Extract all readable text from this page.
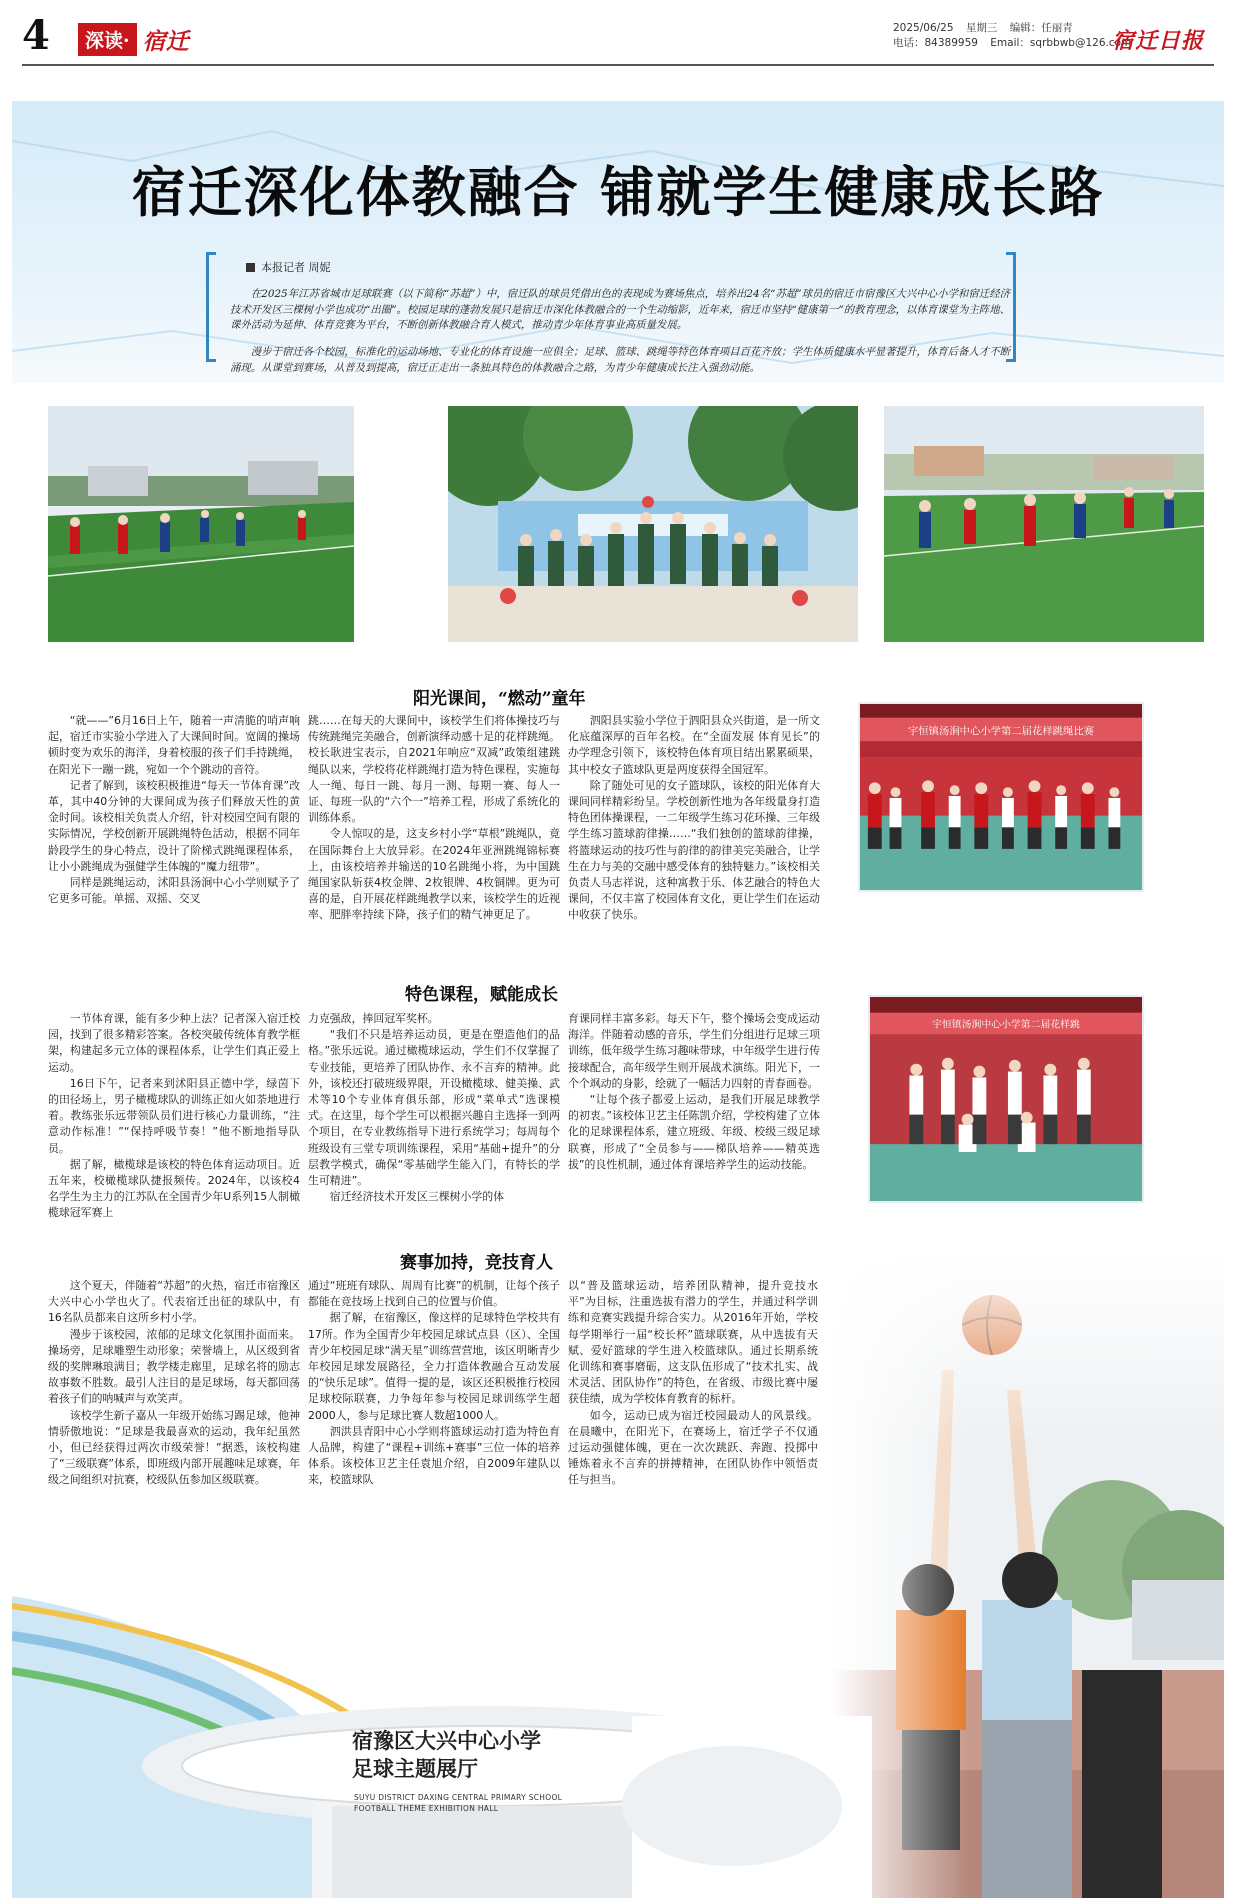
4	深读· 宿迁	2025/06/25 星期三 编辑：任丽青
电话：84389959 Email：sqrbbwb@126.com
宿迁日报
宿迁深化体教融合 铺就学生健康成长路
本报记者 周妮

在2025年江苏省城市足球联赛（以下简称“苏超”）中，宿迁队的球员凭借出色的表现成为赛场焦点，培养出24名“苏超”球员的宿迁市宿豫区大兴中心小学和宿迁经济技术开发区三棵树小学也成功“出圈”。校园足球的蓬勃发展只是宿迁市深化体教融合的一个生动缩影，近年来，宿迁市坚持“健康第一”的教育理念，以体育课堂为主阵地、课外活动为延伸、体育竞赛为平台，不断创新体教融合育人模式，推动青少年体育事业高质量发展。

漫步于宿迁各个校园，标准化的运动场地、专业化的体育设施一应俱全；足球、篮球、跳绳等特色体育项目百花齐放；学生体质健康水平显著提升，体育后备人才不断涌现。从课堂到赛场，从普及到提高，宿迁正走出一条独具特色的体教融合之路，为青少年健康成长注入强劲动能。

阳光课间，“燃动”童年

“就——”6月16日上午，随着一声清脆的哨声响起，宿迁市实验小学进入了大课间时间。宽阔的操场顿时变为欢乐的海洋，身着校服的孩子们手持跳绳，在阳光下一蹦一跳，宛如一个个跳动的音符。

记者了解到，该校积极推进“每天一节体育课”改革，其中40分钟的大课间成为孩子们释放天性的黄金时间。该校相关负责人介绍，针对校园空间有限的实际情况，学校创新开展跳绳特色活动，根据不同年龄段学生的身心特点，设计了阶梯式跳绳课程体系，让小小跳绳成为强健学生体魄的“魔力纽带”。

同样是跳绳运动，沭阳县汤涧中心小学则赋予了它更多可能。单摇、双摇、交叉

跳……在每天的大课间中，该校学生们将体操技巧与传统跳绳完美融合，创新演绎动感十足的花样跳绳。校长耿进宝表示，自2021年响应“双减”政策组建跳绳队以来，学校将花样跳绳打造为特色课程，实施每人一绳、每日一跳、每月一测、每期一赛、每人一证、每班一队的“六个一”培养工程，形成了系统化的训练体系。

令人惊叹的是，这支乡村小学“草根”跳绳队，竟在国际舞台上大放异彩。在2024年亚洲跳绳锦标赛上，由该校培养并输送的10名跳绳小将，为中国跳绳国家队斩获4枚金牌、2枚银牌、4枚铜牌。更为可喜的是，自开展花样跳绳教学以来，该校学生的近视率、肥胖率持续下降，孩子们的精气神更足了。

泗阳县实验小学位于泗阳县众兴街道，是一所文化底蕴深厚的百年名校。在“全面发展 体育见长”的办学理念引领下，该校特色体育项目结出累累硕果，其中校女子篮球队更是两度获得全国冠军。

除了随处可见的女子篮球队，该校的阳光体育大课间同样精彩纷呈。学校创新性地为各年级量身打造特色团体操课程，一二年级学生练习花环操、三年级学生练习篮球韵律操……“我们独创的篮球韵律操，将篮球运动的技巧性与韵律的韵律美完美融合，让学生在力与美的交融中感受体育的独特魅力。”该校相关负责人马志祥说，这种寓教于乐、体艺融合的特色大课间，不仅丰富了校园体育文化，更让学生们在运动中收获了快乐。

宇恒镇汤涧中心小学第二届花样跳绳比赛
特色课程，赋能成长

一节体育课，能有多少种上法？记者深入宿迁校园，找到了很多精彩答案。各校突破传统体育教学框架，构建起多元立体的课程体系，让学生们真正爱上运动。

16日下午，记者来到沭阳县正德中学，绿茵下的田径场上，男子橄榄球队的训练正如火如荼地进行着。教练张乐远带领队员们进行核心力量训练，“注意动作标准！”“保持呼吸节奏！”他不断地指导队员。

据了解，橄榄球是该校的特色体育运动项目。近五年来，校橄榄球队捷报频传。2024年，以该校4名学生为主力的江苏队在全国青少年U系列15人制橄榄球冠军赛上

力克强敌，捧回冠军奖杯。

“我们不只是培养运动员，更是在塑造他们的品格。”张乐远说。通过橄榄球运动，学生们不仅掌握了专业技能，更培养了团队协作、永不言弃的精神。此外，该校还打破班级界限，开设橄榄球、健美操、武术等10个专业体育俱乐部，形成“菜单式”选课模式。在这里，每个学生可以根据兴趣自主选择一到两个项目，在专业教练指导下进行系统学习；每周每个班级设有三堂专项训练课程，采用“基础+提升”的分层教学模式，确保“零基础学生能入门，有特长的学生可精进”。

宿迁经济技术开发区三棵树小学的体

育课同样丰富多彩。每天下午，整个操场会变成运动海洋。伴随着动感的音乐，学生们分组进行足球三项训练，低年级学生练习趣味带球，中年级学生进行传接球配合，高年级学生则开展战术演练。阳光下，一个个飒动的身影，绘就了一幅活力四射的青春画卷。

“让每个孩子都爱上运动，是我们开展足球教学的初衷。”该校体卫艺主任陈凯介绍，学校构建了立体化的足球课程体系，建立班级、年级、校级三级足球联赛，形成了“全员参与——梯队培养——精英选拔”的良性机制，通过体育课培养学生的运动技能。

宇恒镇汤涧中心小学第二届花样跳
赛事加持，竞技育人

这个夏天，伴随着“苏超”的火热，宿迁市宿豫区大兴中心小学也火了。代表宿迁出征的球队中，有16名队员都来自这所乡村小学。

漫步于该校园，浓郁的足球文化氛围扑面而来。操场旁，足球雕塑生动形象；荣誉墙上，从区级到省级的奖牌琳琅满目；教学楼走廊里，足球名将的励志故事数不胜数。最引人注目的是足球场，每天都回荡着孩子们的呐喊声与欢笑声。

该校学生新子嘉从一年级开始练习踢足球，他神情骄傲地说：“足球是我最喜欢的运动，我年纪虽然小，但已经获得过两次市级荣誉！”据悉，该校构建了“三级联赛”体系，即班级内部开展趣味足球赛，年级之间组织对抗赛，校级队伍参加区级联赛。

通过“班班有球队、周周有比赛”的机制，让每个孩子都能在竞技场上找到自己的位置与价值。

据了解，在宿豫区，像这样的足球特色学校共有17所。作为全国青少年校园足球试点县（区）、全国青少年校园足球“满天星”训练营营地，该区明晰青少年校园足球发展路径，全力打造体教融合互动发展的“快乐足球”。值得一提的是，该区还积极推行校园足球校际联赛，力争每年参与校园足球训练学生超2000人，参与足球比赛人数超1000人。

泗洪县青阳中心小学则将篮球运动打造为特色育人品牌，构建了“课程+训练+赛事”三位一体的培养体系。该校体卫艺主任袁旭介绍，自2009年建队以来，校篮球队

以“普及篮球运动，培养团队精神，提升竞技水平”为目标，注重选拔有潜力的学生，并通过科学训练和竞赛实践提升综合实力。从2016年开始，学校每学期举行一届“校长杯”篮球联赛，从中选拔有天赋、爱好篮球的学生进入校篮球队。通过长期系统化训练和赛事磨砺，这支队伍形成了“技术扎实、战术灵活、团队协作”的特色，在省级、市级比赛中屡获佳绩，成为学校体育教育的标杆。

如今，运动已成为宿迁校园最动人的风景线。在晨曦中，在阳光下，在赛场上，宿迁学子不仅通过运动强健体魄，更在一次次跳跃、奔跑、投掷中锤炼着永不言弃的拼搏精神，在团队协作中领悟责任与担当。

宿豫区大兴中心小学
足球主题展厅
SUYU DISTRICT DAXING CENTRAL PRIMARY SCHOOL
FOOTBALL THEME EXHIBITION HALL
